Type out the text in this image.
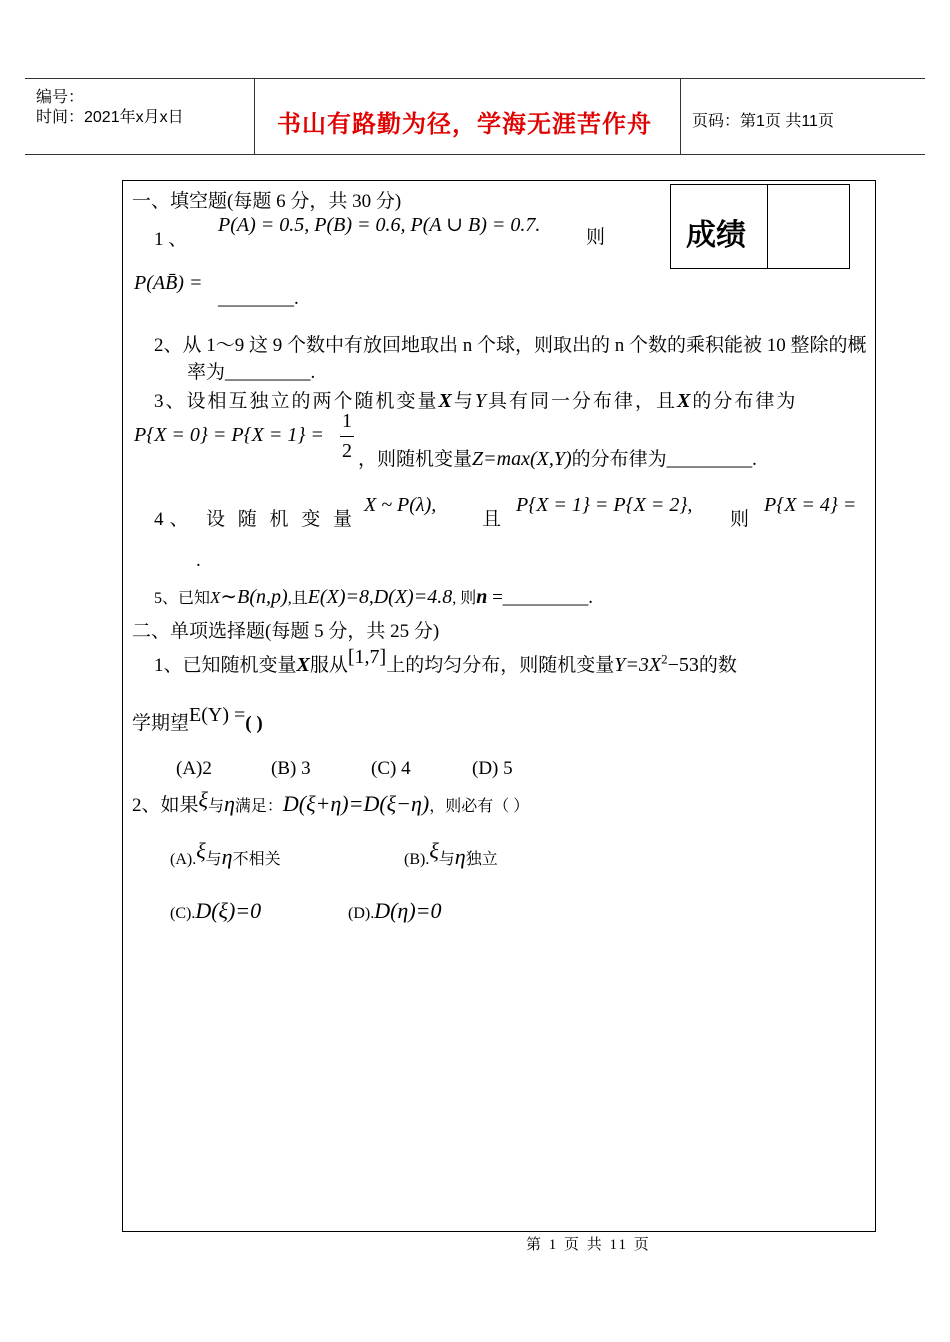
编号：
时间：2021年x月x日	书山有路勤为径，学海无涯苦作舟	页码：第1页 共11页
成绩
一、填空题(每题 6 分，共 30 分)
1 、
P(A) = 0.5, P(B) = 0.6, P(A ∪ B) = 0.7.
则
P(AB̄) =
________.
2、从 1～9 这 9 个数中有放回地取出 n 个球，则取出的 n 个数的乘积能被 10 整除的概
率为_________.
3、设相互独立的两个随机变量X与Y具有同一分布律，且X的分布律为
P{X = 0} = P{X = 1} =
1
2 ，则随机变量Z=max(X,Y)的分布律为_________.
4、 设 随 机 变 量
X ~ P(λ),
且
P{X = 1} = P{X = 2},
则
P{X = 4} =
.
5、已知X∼B(n,p),且E(X)=8,D(X)=4.8, 则n =_________.
二、单项选择题(每题 5 分，共 25 分)
1、已知随机变量X服从[1,7]上的均匀分布，则随机变量$Y=3X^2-53$的数
学期望E(Y) =( )
(A)2	(B) 3	(C) 4	(D) 5
2、如果ξ与η满足：D(ξ+η)=D(ξ−η)，则必有（ ）
(A).ξ与η不相关	(B).ξ与η独立
(C).D(ξ)=0	(D).D(η)=0
第 1 页 共 11 页
